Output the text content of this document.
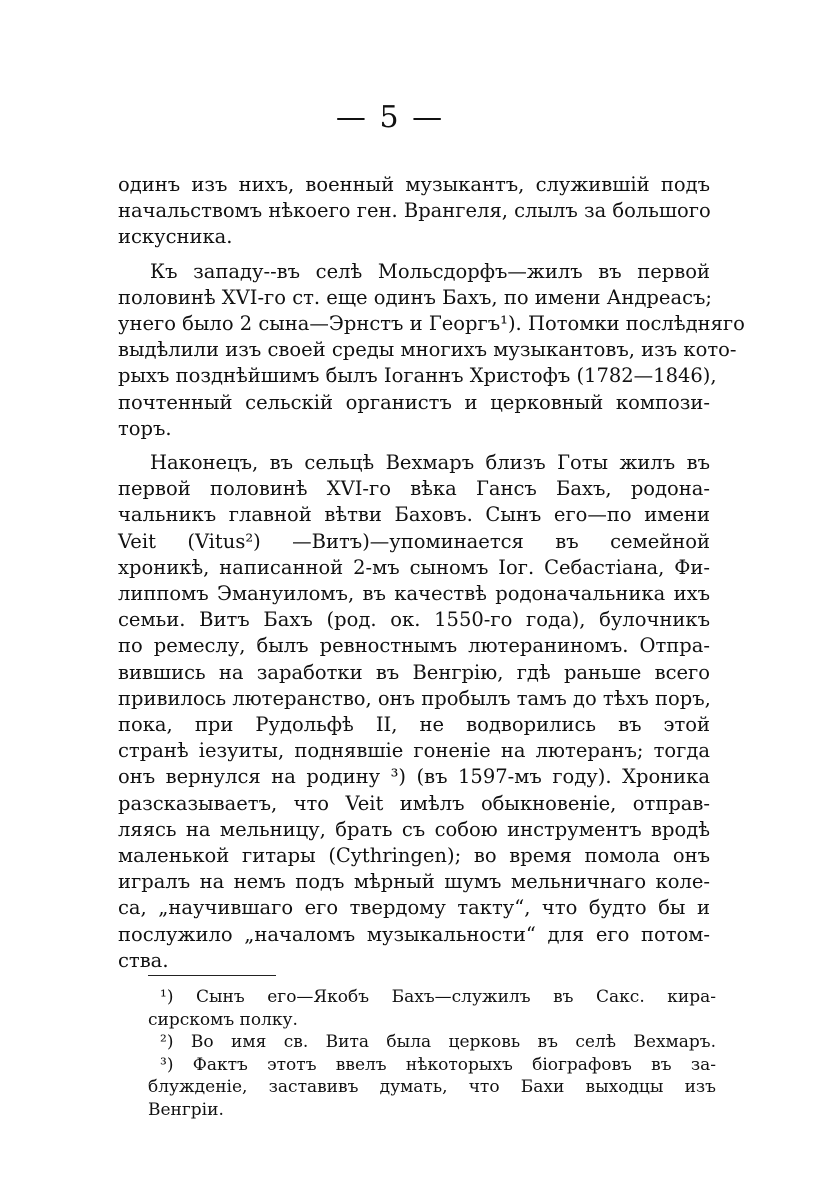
— 5 —
одинъ изъ нихъ, военный музыкантъ, служившій подъ
начальствомъ нѣкоего ген. Врангеля, слылъ за большого
искусника.
Къ западу--въ селѣ Мольсдорфъ—жилъ въ первой
половинѣ XVI-го ст. еще одинъ Бахъ, по имени Андреасъ;
унего было 2 сына—Эрнстъ и Георгъ¹). Потомки послѣдняго
выдѣлили изъ своей среды многихъ музыкантовъ, изъ кото-
рыхъ позднѣйшимъ былъ Іоганнъ Христофъ (1782—1846),
почтенный сельскій органистъ и церковный компози-
торъ.
Наконецъ, въ сельцѣ Вехмаръ близъ Готы жилъ въ
первой половинѣ XVI-го вѣка Гансъ Бахъ, родона-
чальникъ главной вѣтви Баховъ. Сынъ его—по имени
Veit (Vitus²) —Витъ)—упоминается въ семейной
хроникѣ, написанной 2-мъ сыномъ Іог. Себастіана, Фи-
липпомъ Эмануиломъ, въ качествѣ родоначальника ихъ
семьи. Витъ Бахъ (род. ок. 1550-го года), булочникъ
по ремеслу, былъ ревностнымъ лютераниномъ. Отпра-
вившись на заработки въ Венгрію, гдѣ раньше всего
привилось лютеранство, онъ пробылъ тамъ до тѣхъ поръ,
пока, при Рудольфѣ II, не водворились въ этой
странѣ іезуиты, поднявшіе гоненіе на лютеранъ; тогда
онъ вернулся на родину ³) (въ 1597-мъ году). Хроника
разсказываетъ, что Veit имѣлъ обыкновеніе, отправ-
ляясь на мельницу, брать съ собою инструментъ вродѣ
маленькой гитары (Cythringen); во время помола онъ
игралъ на немъ подъ мѣрный шумъ мельничнаго коле-
са, „научившаго его твердому такту“, что будто бы и
послужило „началомъ музыкальности“ для его потом-
ства.
¹) Сынъ его—Якобъ Бахъ—служилъ въ Сакс. кира-
сирскомъ полку.
²) Во имя св. Вита была церковь въ селѣ Вехмаръ.
³) Фактъ этотъ ввелъ нѣкоторыхъ біографовъ въ за-
блужденіе, заставивъ думать, что Бахи выходцы изъ
Венгріи.
